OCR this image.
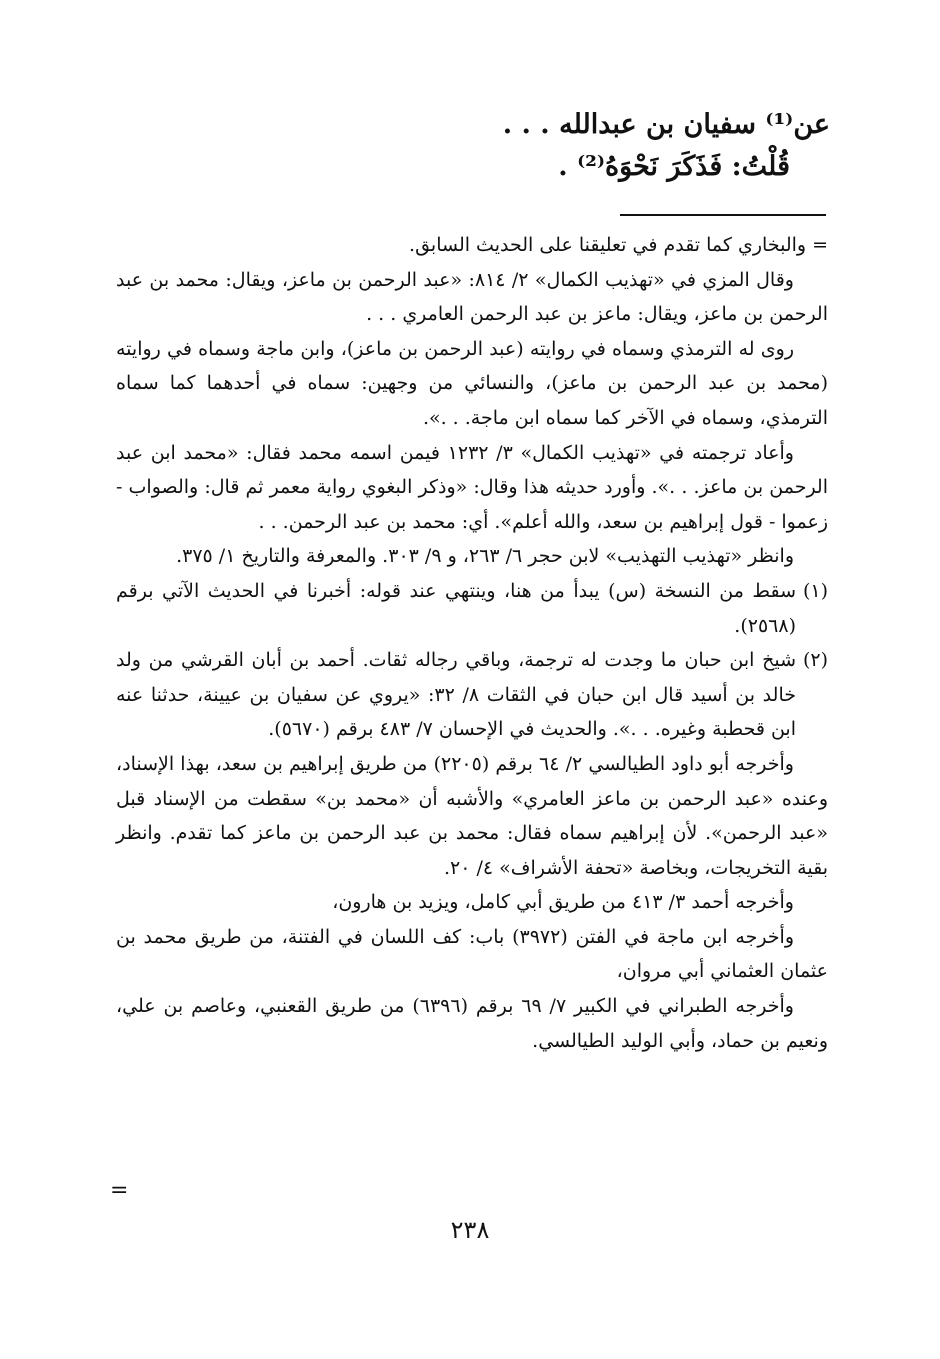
عن⁽¹⁾ سفيان بن عبدالله . . .
قُلْتُ: فَذَكَرَ نَحْوَهُ⁽²⁾ .

=والبخاري كما تقدم في تعليقنا على الحديث السابق.

وقال المزي في «تهذيب الكمال» ٢/ ٨١٤: «عبد الرحمن بن ماعز، ويقال: محمد بن عبد الرحمن بن ماعز، ويقال: ماعز بن عبد الرحمن العامري . . .

روى له الترمذي وسماه في روايته (عبد الرحمن بن ماعز)، وابن ماجة وسماه في روايته (محمد بن عبد الرحمن بن ماعز)، والنسائي من وجهين: سماه في أحدهما كما سماه الترمذي، وسماه في الآخر كما سماه ابن ماجة. . .».

وأعاد ترجمته في «تهذيب الكمال» ٣/ ١٢٣٢ فيمن اسمه محمد فقال: «محمد ابن عبد الرحمن بن ماعز. . .». وأورد حديثه هذا وقال: «وذكر البغوي رواية معمر ثم قال: والصواب - زعموا - قول إبراهيم بن سعد، والله أعلم». أي: محمد بن عبد الرحمن. . .

وانظر «تهذيب التهذيب» لابن حجر ٦/ ٢٦٣، و ٩/ ٣٠٣. والمعرفة والتاريخ ١/ ٣٧٥.

(١)
سقط من النسخة (س) يبدأ من هنا، وينتهي عند قوله: أخبرنا في الحديث الآتي برقم (٢٥٦٨).

(٢)
شيخ ابن حبان ما وجدت له ترجمة، وباقي رجاله ثقات. أحمد بن أبان القرشي من ولد خالد بن أسيد قال ابن حبان في الثقات ٨/ ٣٢: «يروي عن سفيان بن عيينة، حدثنا عنه ابن قحطبة وغيره. . .». والحديث في الإحسان ٧/ ٤٨٣ برقم (٥٦٧٠).

وأخرجه أبو داود الطيالسي ٢/ ٦٤ برقم (٢٢٠٥) من طريق إبراهيم بن سعد، بهذا الإسناد، وعنده «عبد الرحمن بن ماعز العامري» والأشبه أن «محمد بن» سقطت من الإسناد قبل «عبد الرحمن». لأن إبراهيم سماه فقال: محمد بن عبد الرحمن بن ماعز كما تقدم. وانظر بقية التخريجات، وبخاصة «تحفة الأشراف» ٤/ ٢٠.

وأخرجه أحمد ٣/ ٤١٣ من طريق أبي كامل، ويزيد بن هارون،

وأخرجه ابن ماجة في الفتن (٣٩٧٢) باب: كف اللسان في الفتنة، من طريق محمد بن عثمان العثماني أبي مروان،

وأخرجه الطبراني في الكبير ٧/ ٦٩ برقم (٦٣٩٦) من طريق القعنبي، وعاصم بن علي، ونعيم بن حماد، وأبي الوليد الطيالسي.

=
٢٣٨
